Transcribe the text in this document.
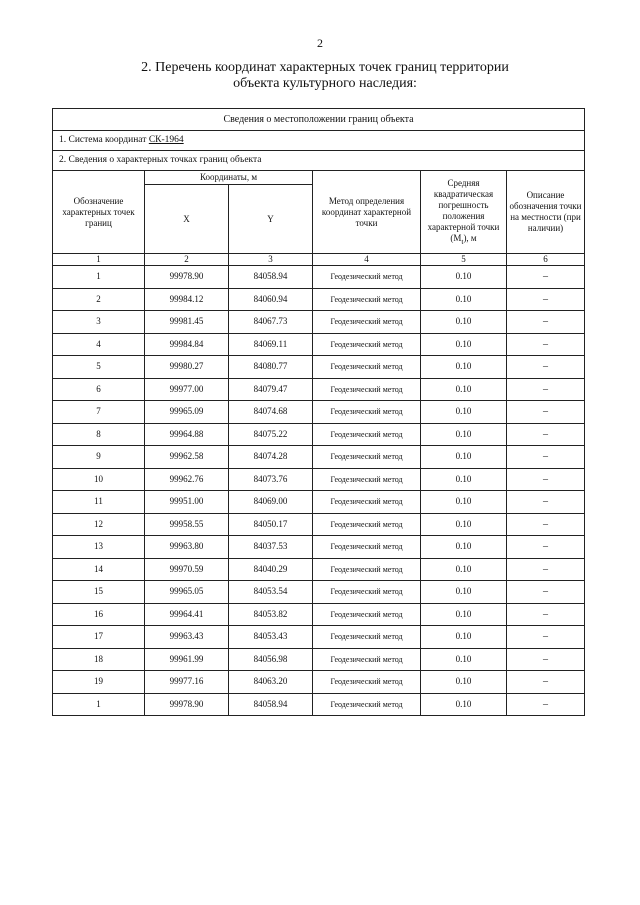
2
2. Перечень координат характерных точек границ территории
объекта культурного наследия:
Сведения о местоположении границ объекта					
1. Система координат СК-1964					
2. Сведения о характерных точках границ объекта					
Обозначение характерных точек границ	Координаты, м		Метод определения координат характерной точки	Средняя квадратическая погрешность положения характерной точки $(M_t)$, м	Описание обозначения точки на местности (при наличии)
	X	Y			
1	2	3	4	5	6
1	99978.90	84058.94	Геодезический метод	0.10	–
2	99984.12	84060.94	Геодезический метод	0.10	–
3	99981.45	84067.73	Геодезический метод	0.10	–
4	99984.84	84069.11	Геодезический метод	0.10	–
5	99980.27	84080.77	Геодезический метод	0.10	–
6	99977.00	84079.47	Геодезический метод	0.10	–
7	99965.09	84074.68	Геодезический метод	0.10	–
8	99964.88	84075.22	Геодезический метод	0.10	–
9	99962.58	84074.28	Геодезический метод	0.10	–
10	99962.76	84073.76	Геодезический метод	0.10	–
11	99951.00	84069.00	Геодезический метод	0.10	–
12	99958.55	84050.17	Геодезический метод	0.10	–
13	99963.80	84037.53	Геодезический метод	0.10	–
14	99970.59	84040.29	Геодезический метод	0.10	–
15	99965.05	84053.54	Геодезический метод	0.10	–
16	99964.41	84053.82	Геодезический метод	0.10	–
17	99963.43	84053.43	Геодезический метод	0.10	–
18	99961.99	84056.98	Геодезический метод	0.10	–
19	99977.16	84063.20	Геодезический метод	0.10	–
1	99978.90	84058.94	Геодезический метод	0.10	–
